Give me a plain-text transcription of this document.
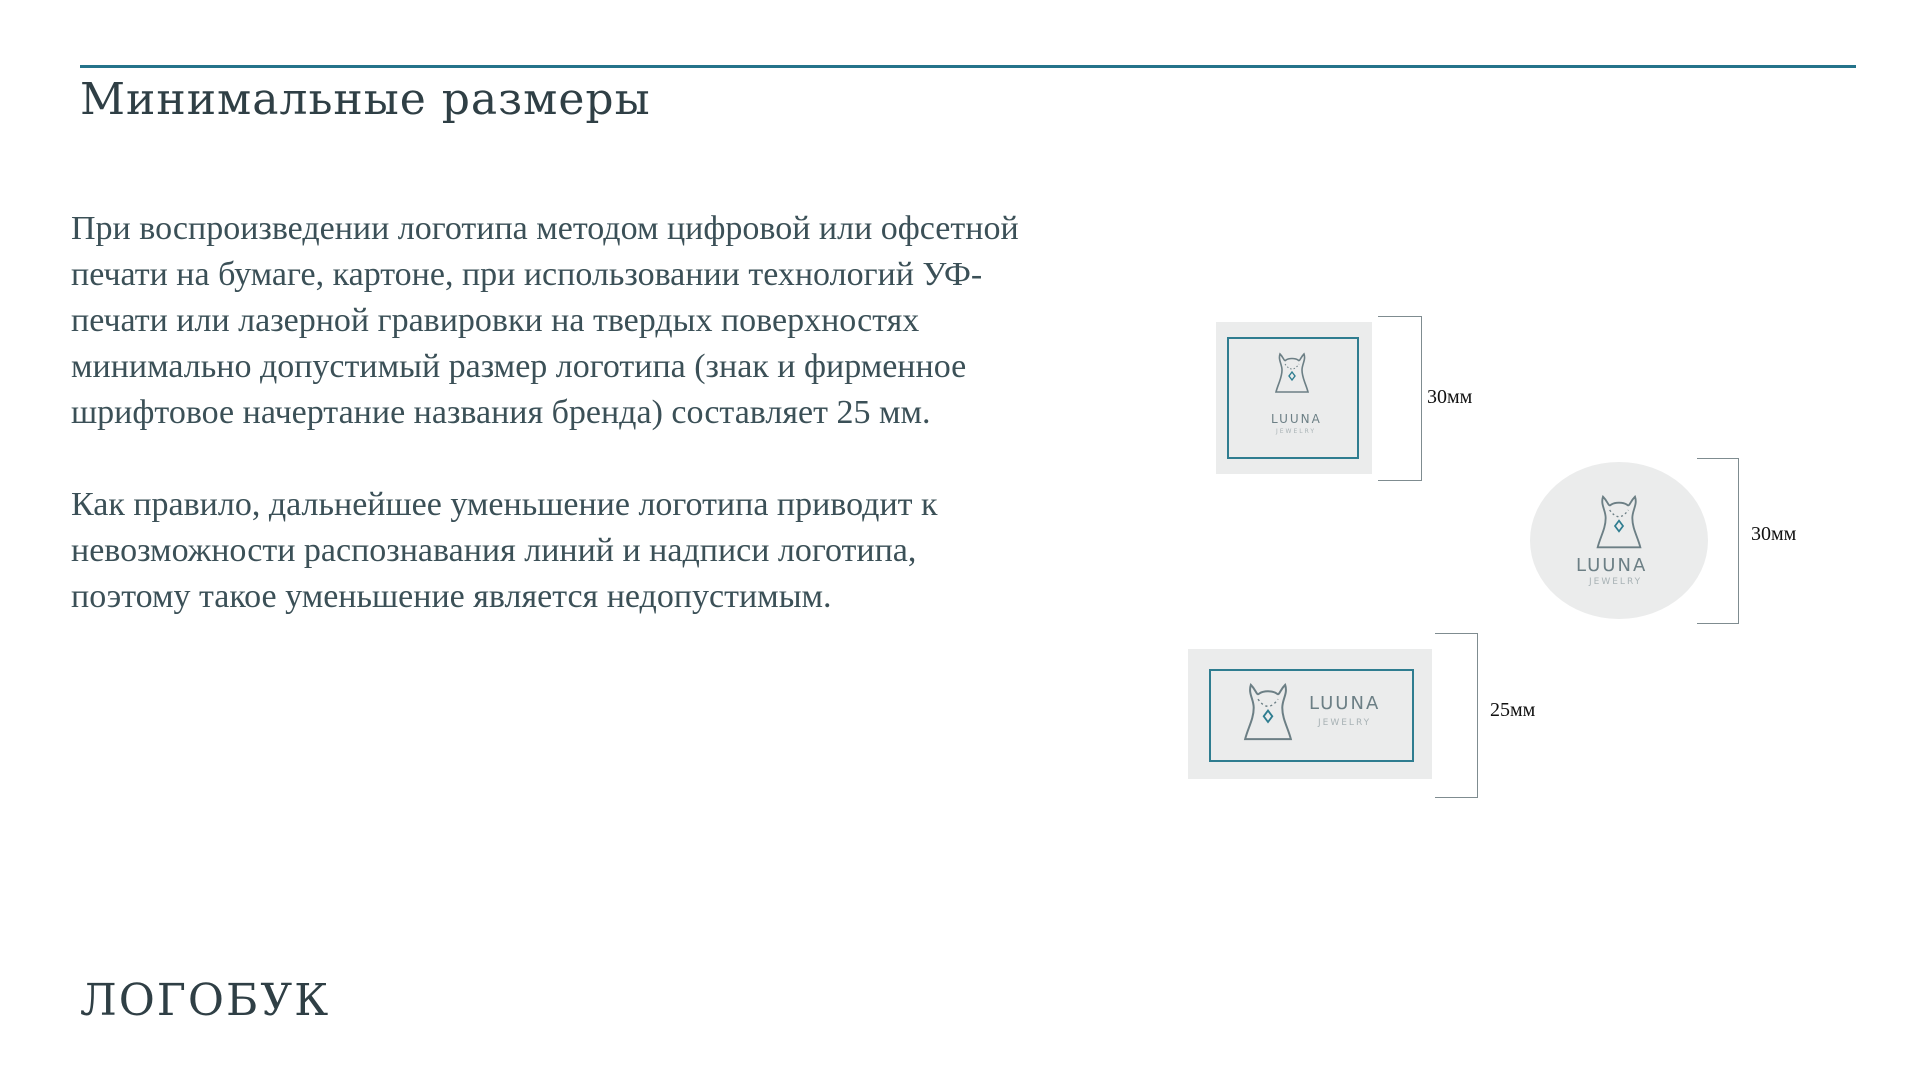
Минимальные размеры

При воспроизведении логотипа методом цифровой или офсетной печати на бумаге, картоне, при использовании технологий УФ-печати или лазерной гравировки на твердых поверхностях минимально допустимый размер логотипа (знак и фирменное шрифтовое начертание названия бренда) составляет 25 мм.

Как правило, дальнейшее уменьшение логотипа приводит к невозможности распознавания линий и надписи логотипа, поэтому такое уменьшение является недопустимым.

LUUNA
JEWELRY
30мм
LUUNA
JEWELRY
30мм
LUUNA
JEWELRY
25мм
ЛОГОБУК
